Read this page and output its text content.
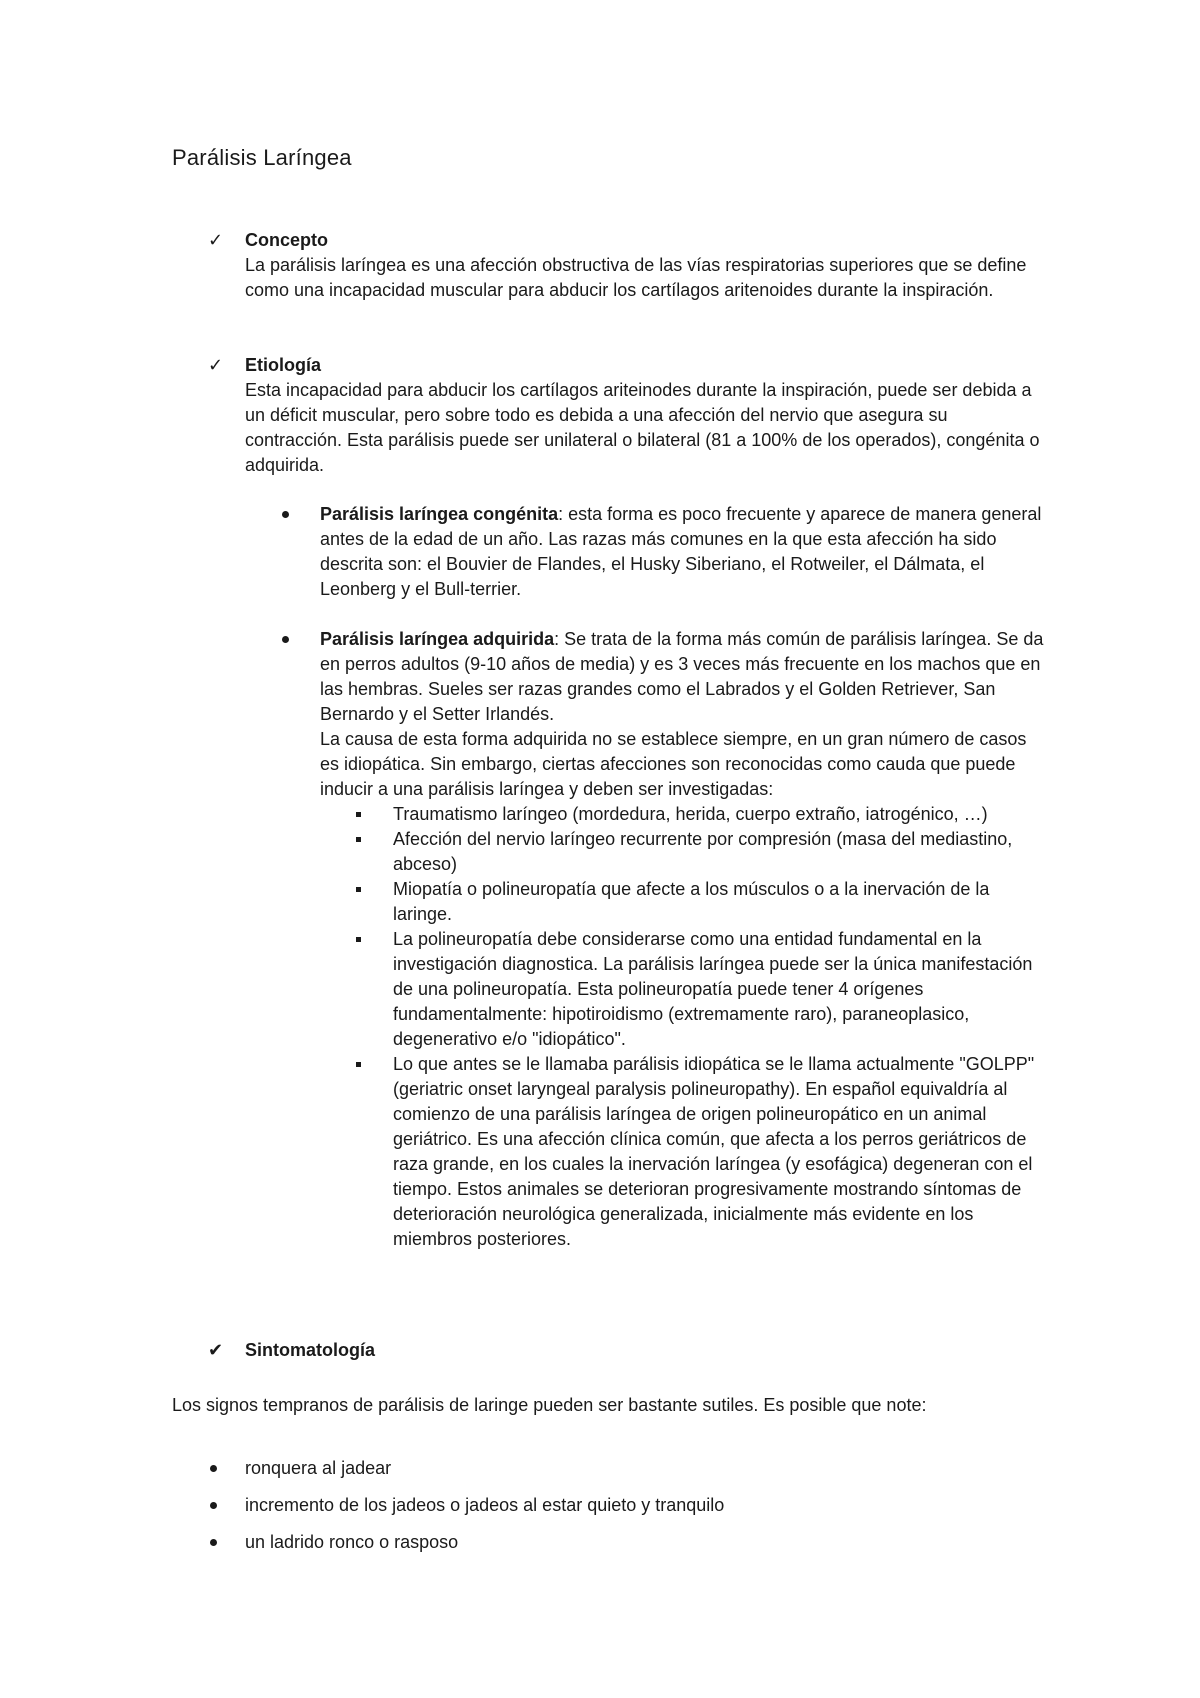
Parálisis Laríngea
✓	Concepto

La parálisis laríngea es una afección obstructiva de las vías respiratorias superiores que se define como una incapacidad muscular para abducir los cartílagos aritenoides durante la inspiración.

✓	Etiología

Esta incapacidad para abducir los cartílagos ariteinodes durante la inspiración, puede ser debida a un déficit muscular, pero sobre todo es debida a una afección del nervio que asegura su contracción. Esta parálisis puede ser unilateral o bilateral (81 a 100% de los operados), congénita o adquirida.

Parálisis laríngea congénita: esta forma es poco frecuente y aparece de manera general antes de la edad de un año. Las razas más comunes en la que esta afección ha sido descrita son: el Bouvier de Flandes, el Husky Siberiano, el Rotweiler, el Dálmata, el Leonberg y el Bull-terrier.
Parálisis laríngea adquirida: Se trata de la forma más común de parálisis laríngea. Se da en perros adultos (9-10 años de media) y es 3 veces más frecuente en los machos que en las hembras. Sueles ser razas grandes como el Labrados y el Golden Retriever, San Bernardo y el Setter Irlandés.
La causa de esta forma adquirida no se establece siempre, en un gran número de casos es idiopática. Sin embargo, ciertas afecciones son reconocidas como cauda que puede inducir a una parálisis laríngea y deben ser investigadas:
Traumatismo laríngeo (mordedura, herida, cuerpo extraño, iatrogénico, …)
Afección del nervio laríngeo recurrente por compresión (masa del mediastino, abceso)
Miopatía o polineuropatía que afecte a los músculos o a la inervación de la laringe.
La polineuropatía debe considerarse como una entidad fundamental en la investigación diagnostica. La parálisis laríngea puede ser la única manifestación de una polineuropatía. Esta polineuropatía puede tener 4 orígenes fundamentalmente: hipotiroidismo (extremamente raro), paraneoplasico, degenerativo e/o "idiopático".
Lo que antes se le llamaba parálisis idiopática se le llama actualmente "GOLPP" (geriatric onset laryngeal paralysis polineuropathy). En español equivaldría al comienzo de una parálisis laríngea de origen polineuropático en un animal geriátrico. Es una afección clínica común, que afecta a los perros geriátricos de raza grande, en los cuales la inervación laríngea (y esofágica) degeneran con el tiempo. Estos animales se deterioran progresivamente mostrando síntomas de deterioración neurológica generalizada, inicialmente más evidente en los miembros posteriores.
✔	Sintomatología

Los signos tempranos de parálisis de laringe pueden ser bastante sutiles. Es posible que note:

ronquera al jadear
incremento de los jadeos o jadeos al estar quieto y tranquilo
un ladrido ronco o rasposo
